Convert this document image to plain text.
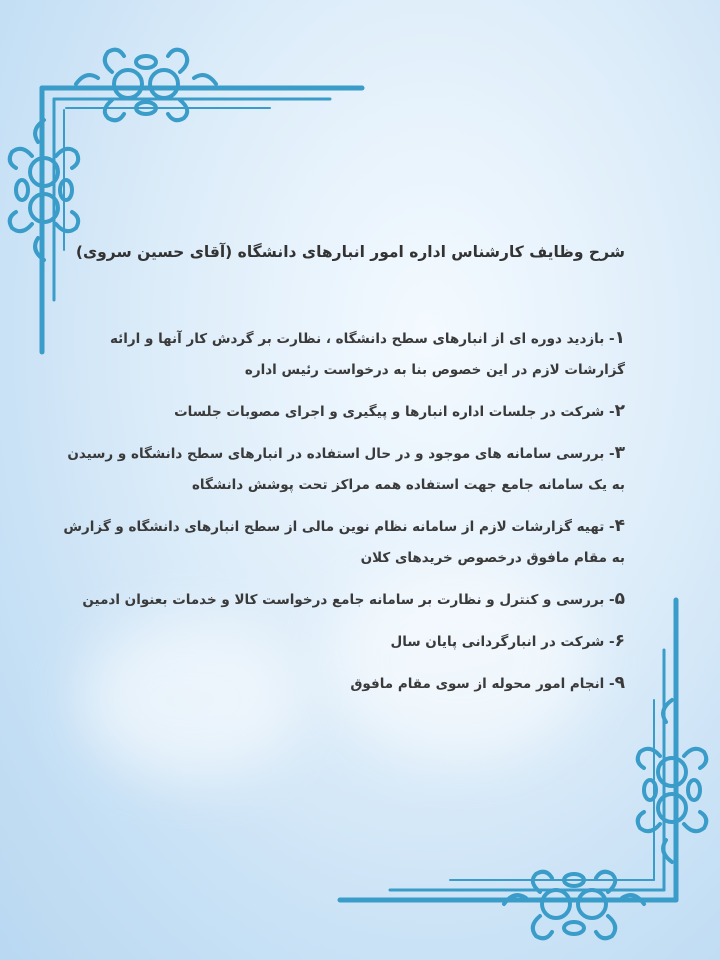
شرح وظایف کارشناس اداره امور انبارهای دانشگاه (آقای حسین سروی)

۱- بازدید دوره ای از انبارهای سطح دانشگاه ، نظارت بر گردش کار آنها و ارائه گزارشات لازم در این خصوص بنا به درخواست رئیس اداره

۲- شرکت در جلسات اداره انبارها و پیگیری و اجرای مصوبات جلسات

۳- بررسی سامانه های موجود و در حال استفاده در انبارهای سطح دانشگاه و رسیدن به یک سامانه جامع جهت استفاده همه مراکز تحت پوشش دانشگاه

۴- تهیه گزارشات لازم از سامانه نظام نوین مالی از سطح انبارهای دانشگاه و گزارش به مقام مافوق درخصوص خریدهای کلان

۵- بررسی و کنترل و نظارت بر سامانه جامع درخواست کالا و خدمات بعنوان ادمین

۶- شرکت در انبارگردانی پایان سال

۹- انجام امور محوله از سوی مقام مافوق
